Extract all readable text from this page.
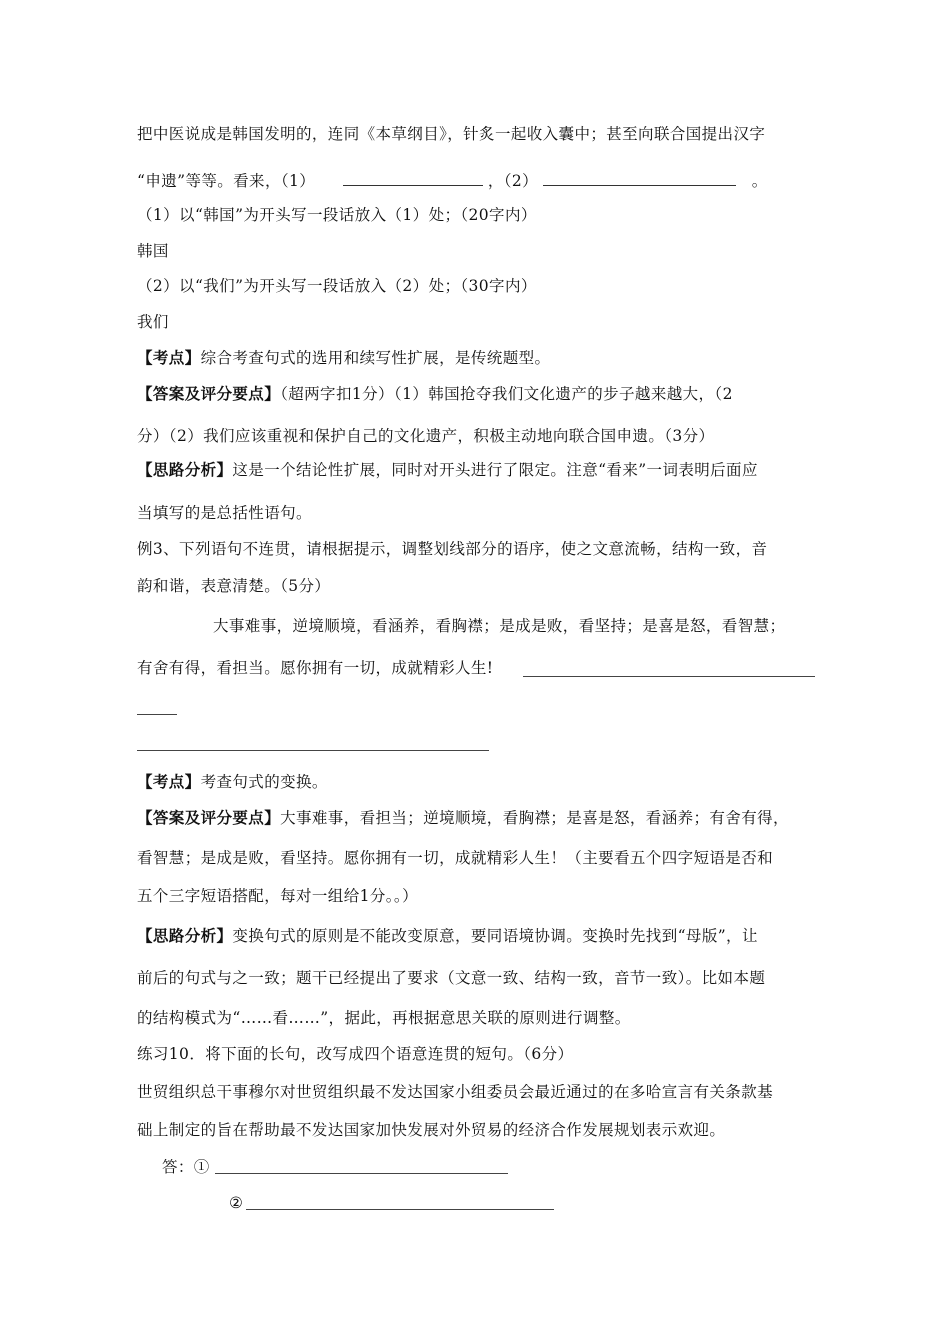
把中医说成是韩国发明的，连同《本草纲目》，针炙一起收入囊中；甚至向联合国提出汉字
“申遗”等等。看来，（1）	，（2）	。
（1）以“韩国”为开头写一段话放入（1）处；（20字内）
韩国
（2）以“我们”为开头写一段话放入（2）处；（30字内）
我们
【考点】综合考查句式的选用和续写性扩展，是传统题型。
【答案及评分要点】（超两字扣1分）（1）韩国抢夺我们文化遗产的步子越来越大，（2
分）（2）我们应该重视和保护自己的文化遗产，积极主动地向联合国申遗。（3分）
【思路分析】这是一个结论性扩展，同时对开头进行了限定。注意“看来”一词表明后面应
当填写的是总括性语句。
例3、下列语句不连贯，请根据提示，调整划线部分的语序，使之文意流畅，结构一致，音
韵和谐，表意清楚。（5分）
大事难事，逆境顺境，看涵养，看胸襟；是成是败，看坚持；是喜是怒，看智慧；
有舍有得，看担当。愿你拥有一切，成就精彩人生!
【考点】考查句式的变换。
【答案及评分要点】大事难事，看担当；逆境顺境，看胸襟；是喜是怒，看涵养；有舍有得，
看智慧；是成是败，看坚持。愿你拥有一切，成就精彩人生！（主要看五个四字短语是否和
五个三字短语搭配，每对一组给1分。。）
【思路分析】变换句式的原则是不能改变原意，要同语境协调。变换时先找到“母版”，让
前后的句式与之一致；题干已经提出了要求（文意一致、结构一致，音节一致）。比如本题
的结构模式为“……看……”，据此，再根据意思关联的原则进行调整。
练习10．将下面的长句，改写成四个语意连贯的短句。（6分）
世贸组织总干事穆尔对世贸组织最不发达国家小组委员会最近通过的在多哈宣言有关条款基
础上制定的旨在帮助最不发达国家加快发展对外贸易的经济合作发展规划表示欢迎。
答：①
②
